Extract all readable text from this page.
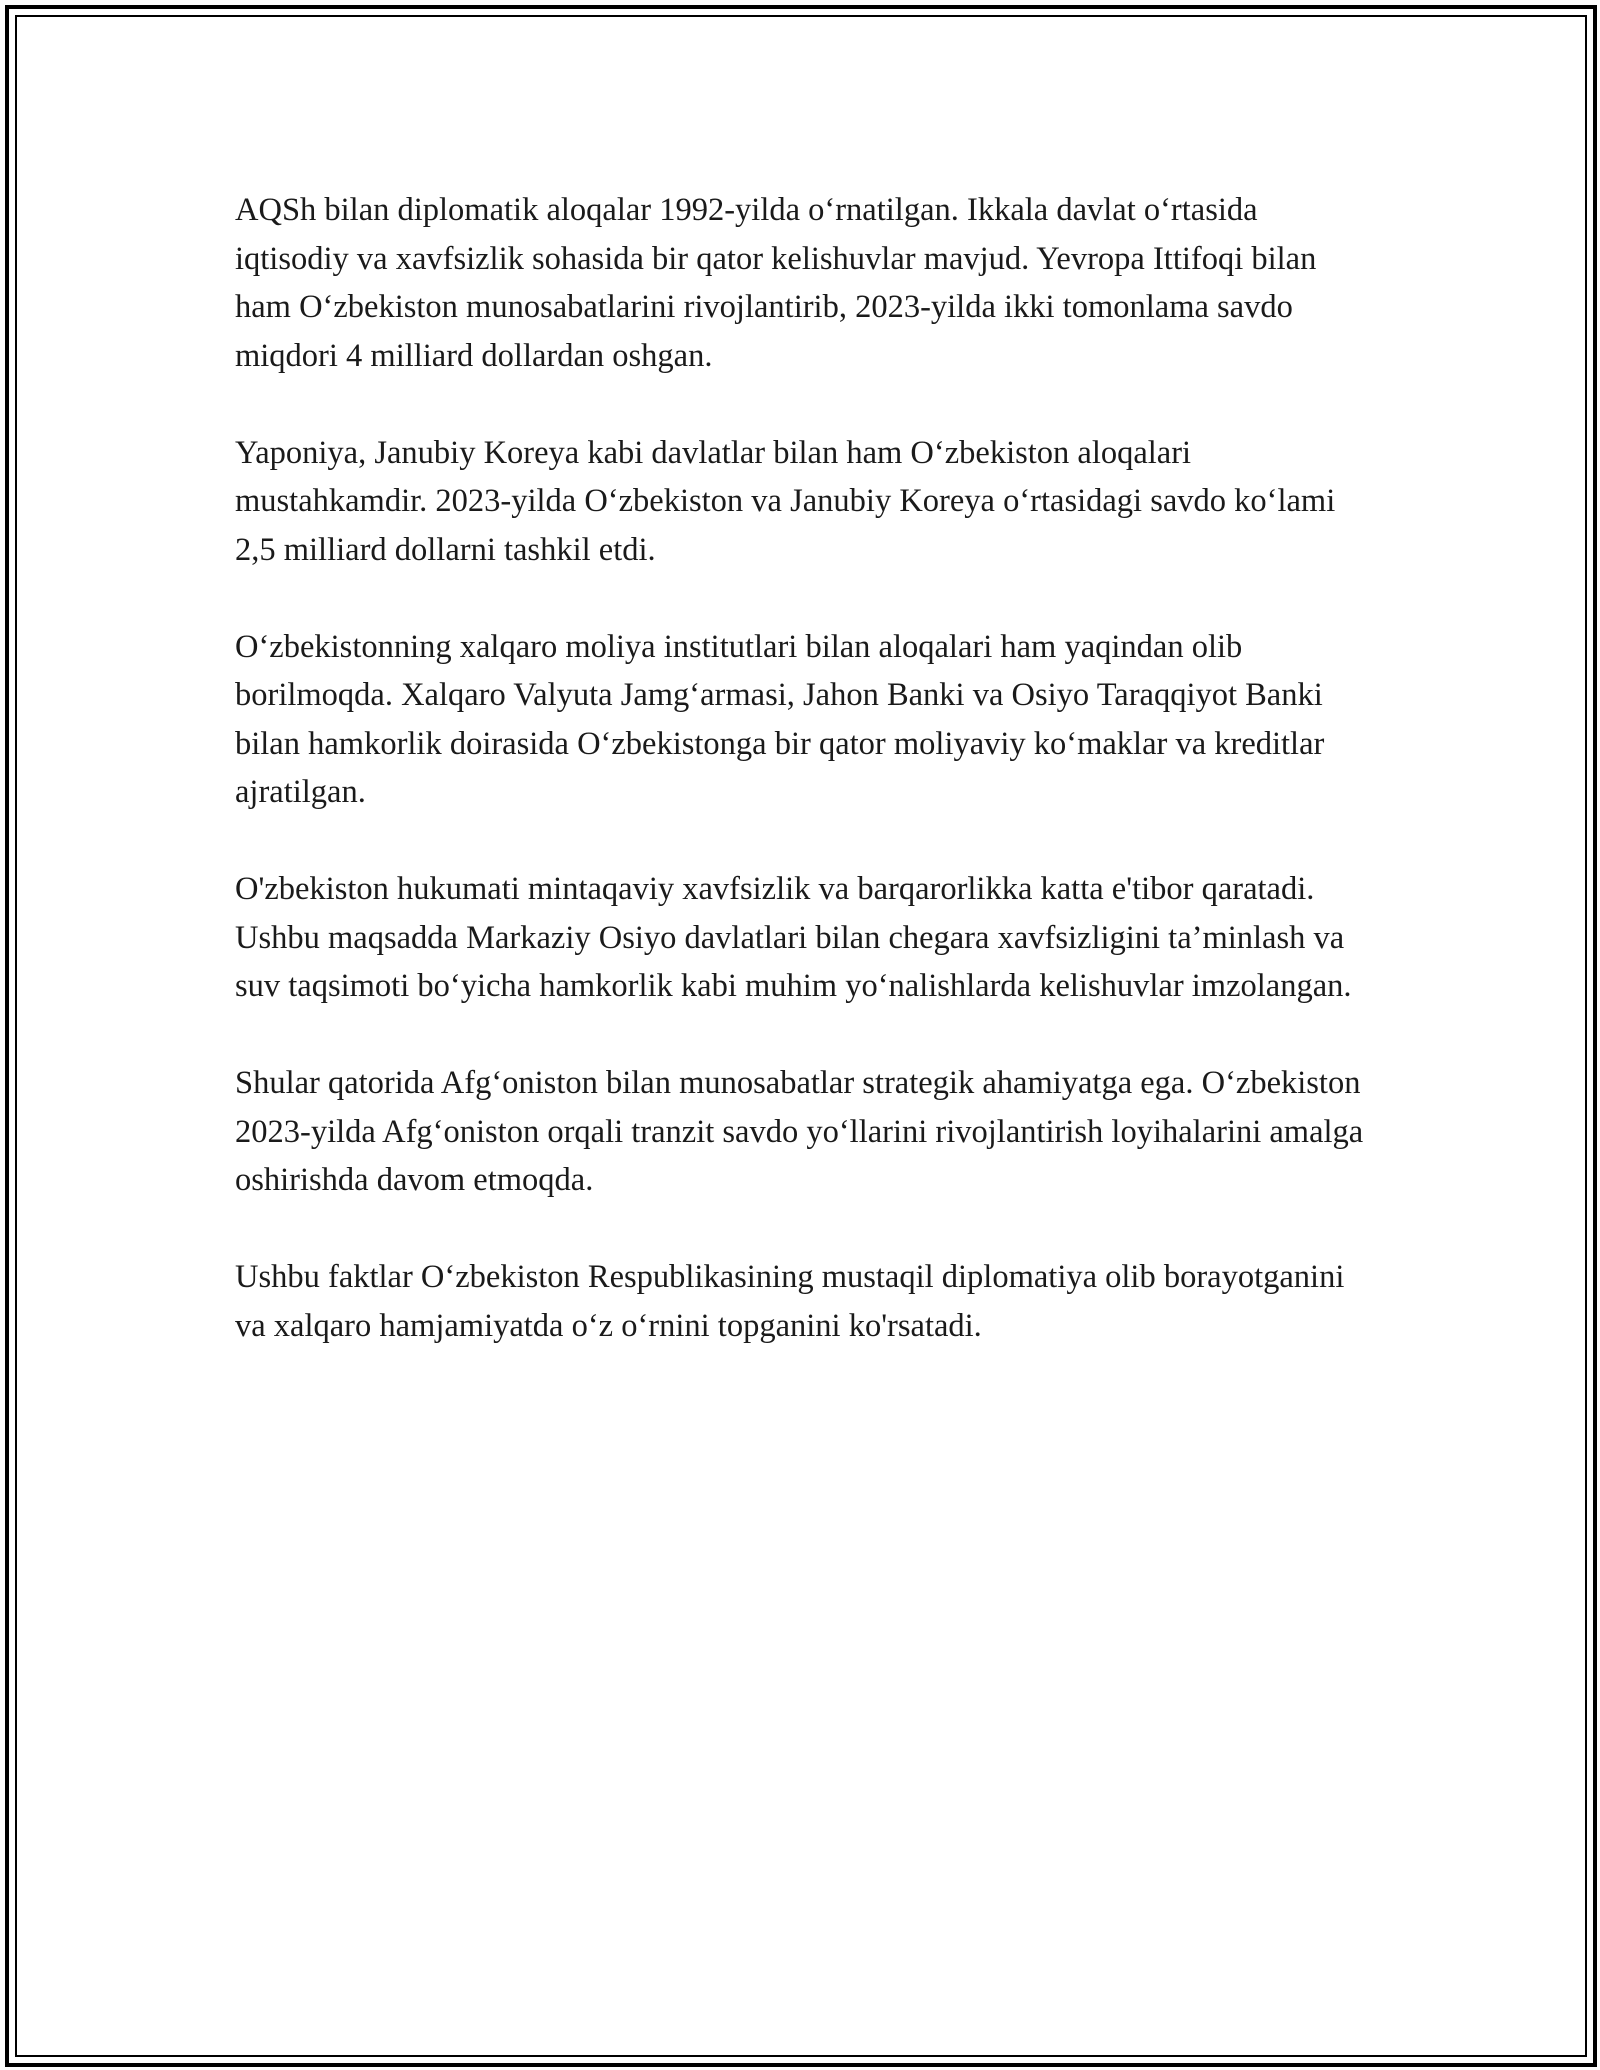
AQSh bilan diplomatik aloqalar 1992-yilda o‘rnatilgan. Ikkala davlat o‘rtasida iqtisodiy va xavfsizlik sohasida bir qator kelishuvlar mavjud. Yevropa Ittifoqi bilan ham O‘zbekiston munosabatlarini rivojlantirib, 2023-yilda ikki tomonlama savdo miqdori 4 milliard dollardan oshgan.

Yaponiya, Janubiy Koreya kabi davlatlar bilan ham O‘zbekiston aloqalari mustahkamdir. 2023-yilda O‘zbekiston va Janubiy Koreya o‘rtasidagi savdo ko‘lami 2,5 milliard dollarni tashkil etdi.

O‘zbekistonning xalqaro moliya institutlari bilan aloqalari ham yaqindan olib borilmoqda. Xalqaro Valyuta Jamg‘armasi, Jahon Banki va Osiyo Taraqqiyot Banki bilan hamkorlik doirasida O‘zbekistonga bir qator moliyaviy ko‘maklar va kreditlar ajratilgan.

O'zbekiston hukumati mintaqaviy xavfsizlik va barqarorlikka katta e'tibor qaratadi. Ushbu maqsadda Markaziy Osiyo davlatlari bilan chegara xavfsizligini ta’minlash va suv taqsimoti bo‘yicha hamkorlik kabi muhim yo‘nalishlarda kelishuvlar imzolangan.

Shular qatorida Afg‘oniston bilan munosabatlar strategik ahamiyatga ega. O‘zbekiston 2023-yilda Afg‘oniston orqali tranzit savdo yo‘llarini rivojlantirish loyihalarini amalga oshirishda davom etmoqda.

Ushbu faktlar O‘zbekiston Respublikasining mustaqil diplomatiya olib borayotganini va xalqaro hamjamiyatda o‘z o‘rnini topganini ko'rsatadi.
